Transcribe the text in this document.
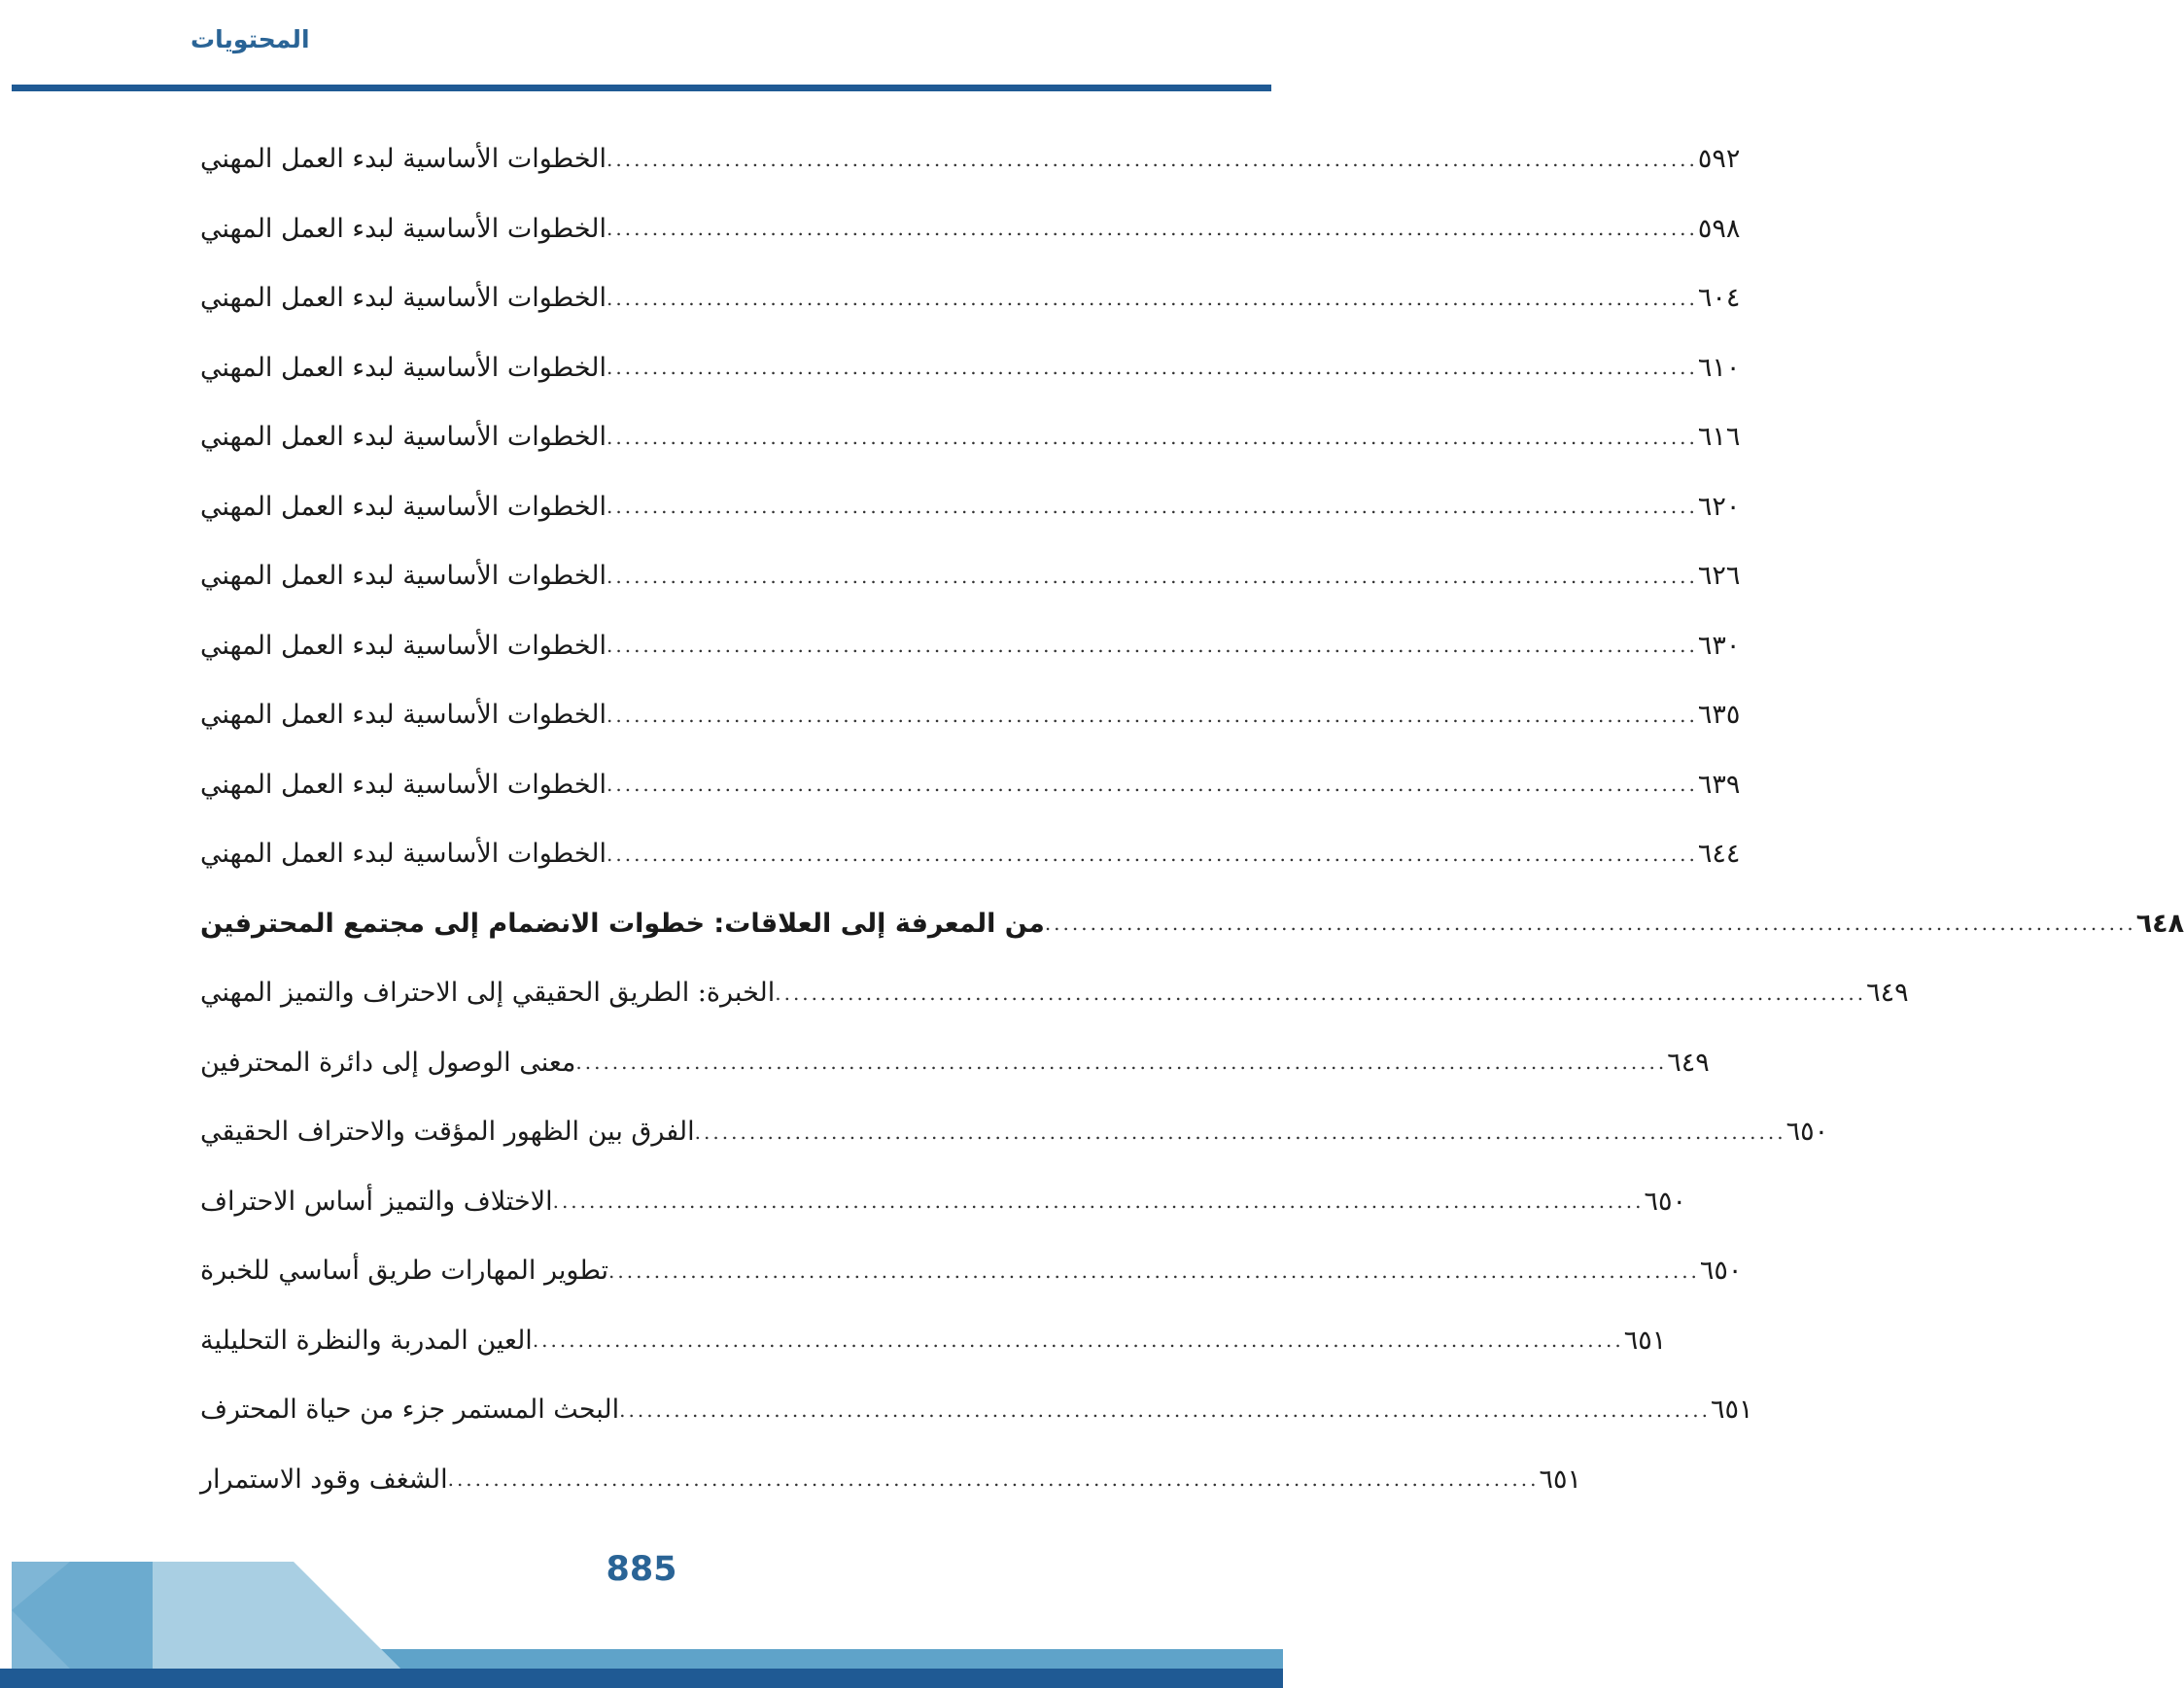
المحتويات
الخطوات الأساسية لبدء العمل المهني ........................................................................................................................ ٥٩٢
الخطوات الأساسية لبدء العمل المهني ........................................................................................................................ ٥٩٨
الخطوات الأساسية لبدء العمل المهني ........................................................................................................................ ٦٠٤
الخطوات الأساسية لبدء العمل المهني ........................................................................................................................ ٦١٠
الخطوات الأساسية لبدء العمل المهني ........................................................................................................................ ٦١٦
الخطوات الأساسية لبدء العمل المهني ........................................................................................................................ ٦٢٠
الخطوات الأساسية لبدء العمل المهني ........................................................................................................................ ٦٢٦
الخطوات الأساسية لبدء العمل المهني ........................................................................................................................ ٦٣٠
الخطوات الأساسية لبدء العمل المهني ........................................................................................................................ ٦٣٥
الخطوات الأساسية لبدء العمل المهني ........................................................................................................................ ٦٣٩
الخطوات الأساسية لبدء العمل المهني ........................................................................................................................ ٦٤٤
من المعرفة إلى العلاقات: خطوات الانضمام إلى مجتمع المحترفين ........................................................................................................................ ٦٤٨
الخبرة: الطريق الحقيقي إلى الاحتراف والتميز المهني ........................................................................................................................ ٦٤٩
معنى الوصول إلى دائرة المحترفين ........................................................................................................................ ٦٤٩
الفرق بين الظهور المؤقت والاحتراف الحقيقي ........................................................................................................................ ٦٥٠
الاختلاف والتميز أساس الاحتراف ........................................................................................................................ ٦٥٠
تطوير المهارات طريق أساسي للخبرة ........................................................................................................................ ٦٥٠
العين المدربة والنظرة التحليلية ........................................................................................................................ ٦٥١
البحث المستمر جزء من حياة المحترف ........................................................................................................................ ٦٥١
الشغف وقود الاستمرار ........................................................................................................................ ٦٥١
885
